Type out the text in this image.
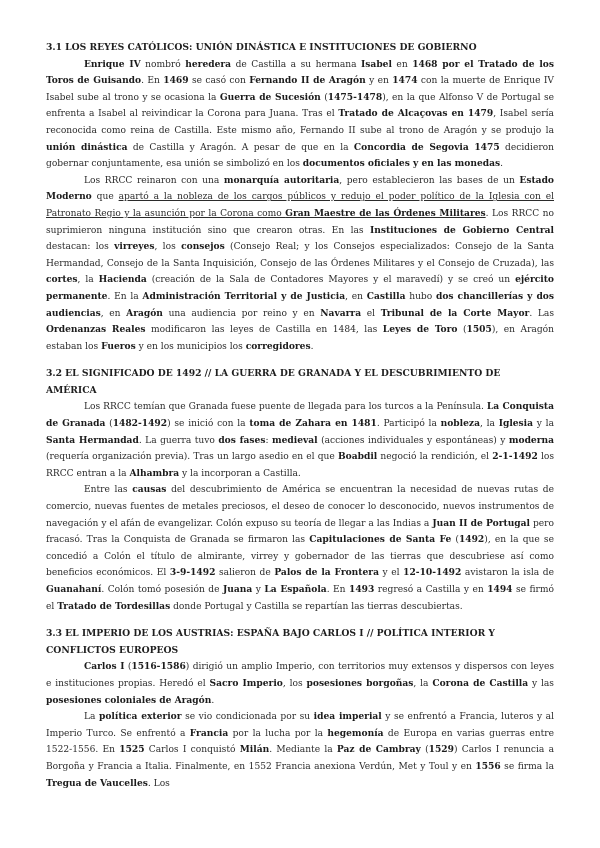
3.1 LOS REYES CATÓLICOS: UNIÓN DINÁSTICA E INSTITUCIONES DE GOBIERNO

Enrique IV nombró heredera de Castilla a su hermana Isabel en 1468 por el Tratado de los Toros de Guisando. En 1469 se casó con Fernando II de Aragón y en 1474 con la muerte de Enrique IV Isabel sube al trono y se ocasiona la Guerra de Sucesión (1475-1478), en la que Alfonso V de Portugal se enfrenta a Isabel al reivindicar la Corona para Juana. Tras el Tratado de Alcaçovas en 1479, Isabel sería reconocida como reina de Castilla. Este mismo año, Fernando II sube al trono de Aragón y se produjo la unión dinástica de Castilla y Aragón. A pesar de que en la Concordia de Segovia 1475 decidieron gobernar conjuntamente, esa unión se simbolizó en los documentos oficiales y en las monedas.

Los RRCC reinaron con una monarquía autoritaria, pero establecieron las bases de un Estado Moderno que apartó a la nobleza de los cargos públicos y redujo el poder político de la Iglesia con el Patronato Regio y la asunción por la Corona como Gran Maestre de las Órdenes Militares. Los RRCC no suprimieron ninguna institución sino que crearon otras. En las Instituciones de Gobierno Central destacan: los virreyes, los consejos (Consejo Real; y los Consejos especializados: Consejo de la Santa Hermandad, Consejo de la Santa Inquisición, Consejo de las Órdenes Militares y el Consejo de Cruzada), las cortes, la Hacienda (creación de la Sala de Contadores Mayores y el maravedí) y se creó un ejército permanente. En la Administración Territorial y de Justicia, en Castilla hubo dos chancillerías y dos audiencias, en Aragón una audiencia por reino y en Navarra el Tribunal de la Corte Mayor. Las Ordenanzas Reales modificaron las leyes de Castilla en 1484, las Leyes de Toro (1505), en Aragón estaban los Fueros y en los municipios los corregidores.

3.2 EL SIGNIFICADO DE 1492 // LA GUERRA DE GRANADA Y EL DESCUBRIMIENTO DE AMÉRICA

Los RRCC temían que Granada fuese puente de llegada para los turcos a la Península. La Conquista de Granada (1482-1492) se inició con la toma de Zahara en 1481. Participó la nobleza, la Iglesia y la Santa Hermandad. La guerra tuvo dos fases: medieval (acciones individuales y espontáneas) y moderna (requería organización previa). Tras un largo asedio en el que Boabdil negoció la rendición, el 2-1-1492 los RRCC entran a la Alhambra y la incorporan a Castilla.

Entre las causas del descubrimiento de América se encuentran la necesidad de nuevas rutas de comercio, nuevas fuentes de metales preciosos, el deseo de conocer lo desconocido, nuevos instrumentos de navegación y el afán de evangelizar. Colón expuso su teoría de llegar a las Indias a Juan II de Portugal pero fracasó. Tras la Conquista de Granada se firmaron las Capitulaciones de Santa Fe (1492), en la que se concedió a Colón el título de almirante, virrey y gobernador de las tierras que descubriese así como beneficios económicos. El 3-9-1492 salieron de Palos de la Frontera y el 12-10-1492 avistaron la isla de Guanahaní. Colón tomó posesión de Juana y La Española. En 1493 regresó a Castilla y en 1494 se firmó el Tratado de Tordesillas donde Portugal y Castilla se repartían las tierras descubiertas.

3.3 EL IMPERIO DE LOS AUSTRIAS: ESPAÑA BAJO CARLOS I // POLÍTICA INTERIOR Y CONFLICTOS EUROPEOS

Carlos I (1516-1586) dirigió un amplio Imperio, con territorios muy extensos y dispersos con leyes e instituciones propias. Heredó el Sacro Imperio, los posesiones borgoñas, la Corona de Castilla y las posesiones coloniales de Aragón.

La política exterior se vio condicionada por su idea imperial y se enfrentó a Francia, luteros y al Imperio Turco. Se enfrentó a Francia por la lucha por la hegemonía de Europa en varias guerras entre 1522-1556. En 1525 Carlos I conquistó Milán. Mediante la Paz de Cambray (1529) Carlos I renuncia a Borgoña y Francia a Italia. Finalmente, en 1552 Francia anexiona Verdún, Met y Toul y en 1556 se firma la Tregua de Vaucelles. Los
